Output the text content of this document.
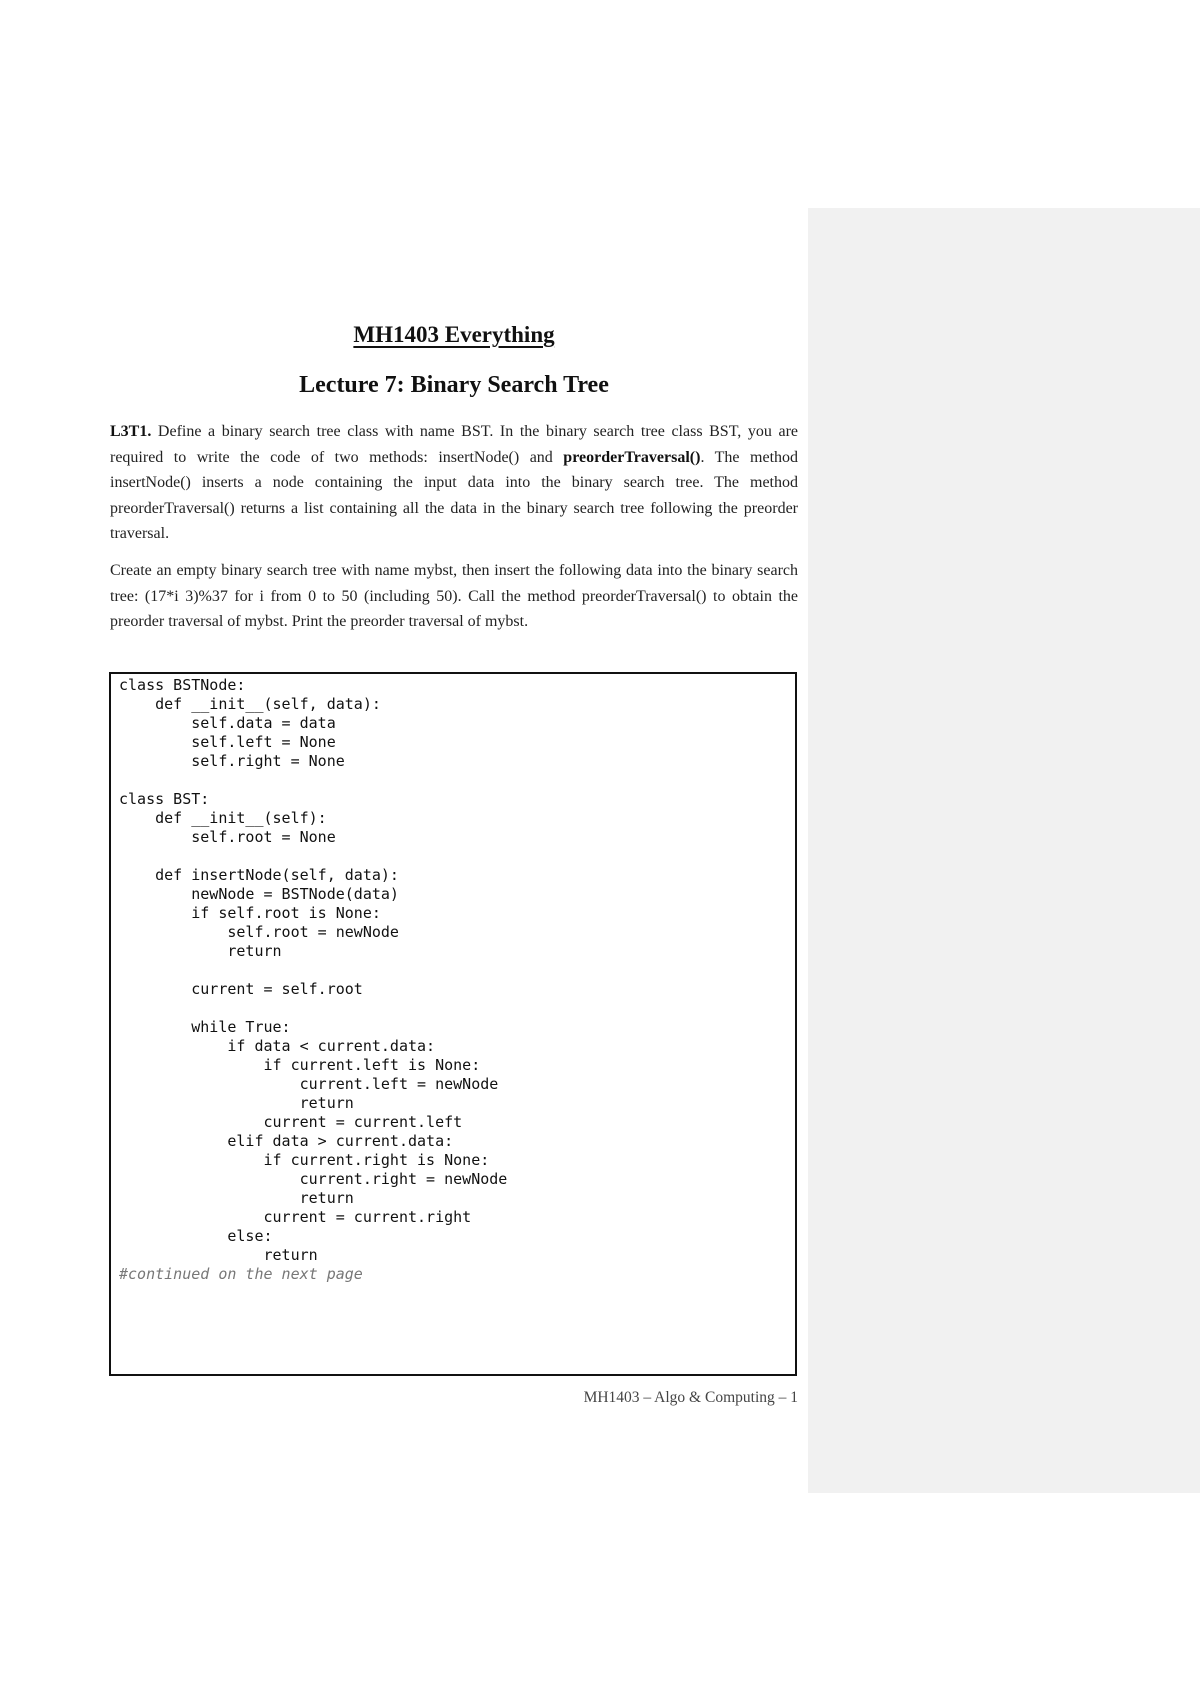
MH1403 Everything
Lecture 7: Binary Search Tree

L3T1. Define a binary search tree class with name BST. In the binary search tree class BST, you are required to write the code of two methods: insertNode() and preorderTraversal(). The method insertNode() inserts a node containing the input data into the binary search tree. The method preorderTraversal() returns a list containing all the data in the binary search tree following the preorder traversal.

Create an empty binary search tree with name mybst, then insert the following data into the binary search tree: (17*i 3)%37 for i from 0 to 50 (including 50). Call the method preorderTraversal() to obtain the preorder traversal of mybst. Print the preorder traversal of mybst.

class BSTNode:
def __init__(self, data):
self.data = data
self.left = None
self.right = None

class BST:
def __init__(self):
self.root = None

def insertNode(self, data):
newNode = BSTNode(data)
if self.root is None:
self.root = newNode
return

current = self.root

while True:
if data < current.data:
if current.left is None:
current.left = newNode
return
current = current.left
elif data > current.data:
if current.right is None:
current.right = newNode
return
current = current.right
else:
return

#continued on the next page

MH1403 – Algo & Computing – 1
